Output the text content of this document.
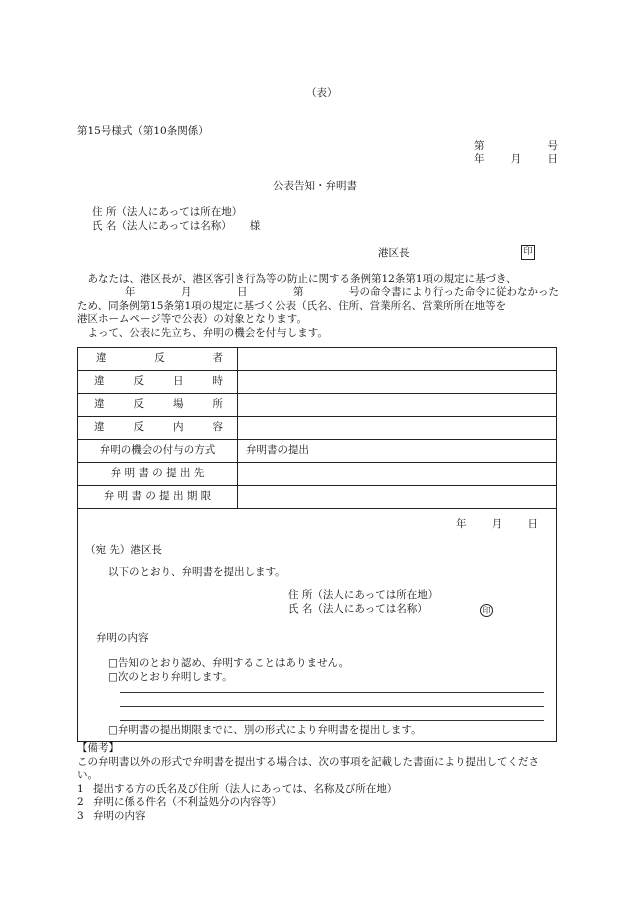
（表）
第15号様式（第10条関係）
第	号
年	月	日
公表告知・弁明書
住 所（法人にあっては所在地）
氏 名（法人にあっては名称） 様
港区長	印

あなたは、港区長が、港区客引き行為等の防止に関する条例第12条第1項の規定に基づき、

年	月	日	第	号の命令書により行った命令に従わなかった

ため、同条例第15条第1項の規定に基づく公表（氏名、住所、営業所名、営業所所在地等を

港区ホームページ等で公表）の対象となります。

よって、公表に先立ち、弁明の機会を付与します。

違	反	者
違	反	日	時
違	反	場	所
違	反	内	容
弁明の機会の付与の方式	弁明書の提出
弁 明 書 の 提 出 先
弁 明 書 の 提 出 期 限
年 月 日
（宛 先）港区長
以下のとおり、弁明書を提出します。
住 所（法人にあっては所在地）
氏 名（法人にあっては名称）	印
弁明の内容
□告知のとおり認め、弁明することはありません。
□次のとおり弁明します。
□弁明書の提出期限までに、別の形式により弁明書を提出します。
【備考】

この弁明書以外の形式で弁明書を提出する場合は、次の事項を記載した書面により提出してください。

1 提出する方の氏名及び住所（法人にあっては、名称及び所在地）
2 弁明に係る件名（不利益処分の内容等）
3 弁明の内容
